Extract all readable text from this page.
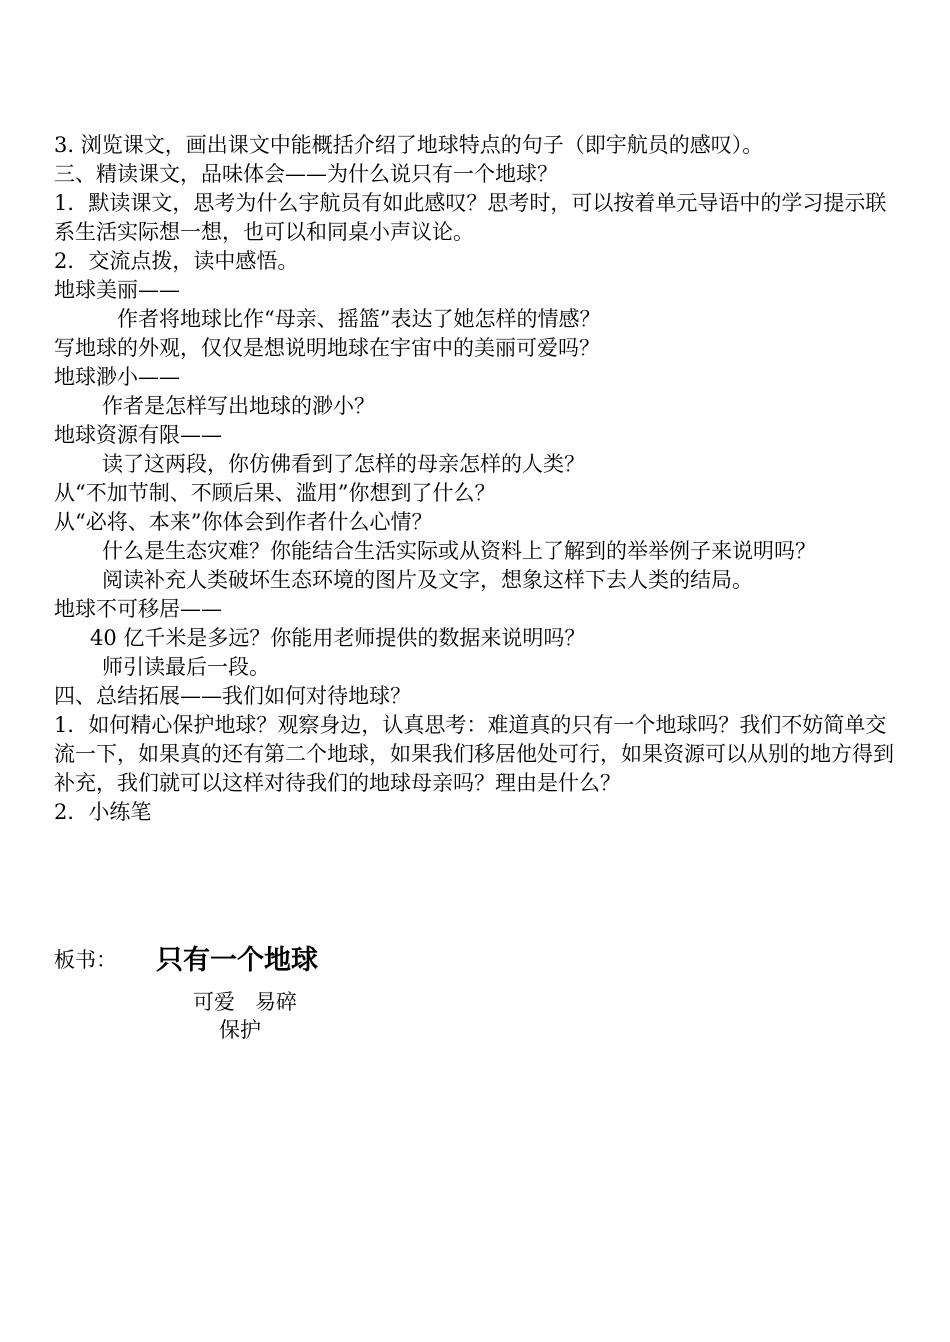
3. 浏览课文，画出课文中能概括介绍了地球特点的句子（即宇航员的感叹）。
三、精读课文，品味体会——为什么说只有一个地球？
1．默读课文，思考为什么宇航员有如此感叹？思考时，可以按着单元导语中的学习提示联系生活实际想一想，也可以和同桌小声议论。
2．交流点拨，读中感悟。
地球美丽——
作者将地球比作“母亲、摇篮”表达了她怎样的情感？
写地球的外观，仅仅是想说明地球在宇宙中的美丽可爱吗？
地球渺小——
作者是怎样写出地球的渺小？
地球资源有限——
读了这两段，你仿佛看到了怎样的母亲怎样的人类？
从“不加节制、不顾后果、滥用”你想到了什么？
从“必将、本来”你体会到作者什么心情？
什么是生态灾难？你能结合生活实际或从资料上了解到的举举例子来说明吗？
阅读补充人类破坏生态环境的图片及文字，想象这样下去人类的结局。
地球不可移居——
40 亿千米是多远？你能用老师提供的数据来说明吗？
师引读最后一段。
四、总结拓展——我们如何对待地球？
1．如何精心保护地球？观察身边，认真思考：难道真的只有一个地球吗？我们不妨简单交流一下，如果真的还有第二个地球，如果我们移居他处可行，如果资源可以从别的地方得到补充，我们就可以这样对待我们的地球母亲吗？理由是什么？
2．小练笔
板书： 只有一个地球
可爱   易碎
保护
